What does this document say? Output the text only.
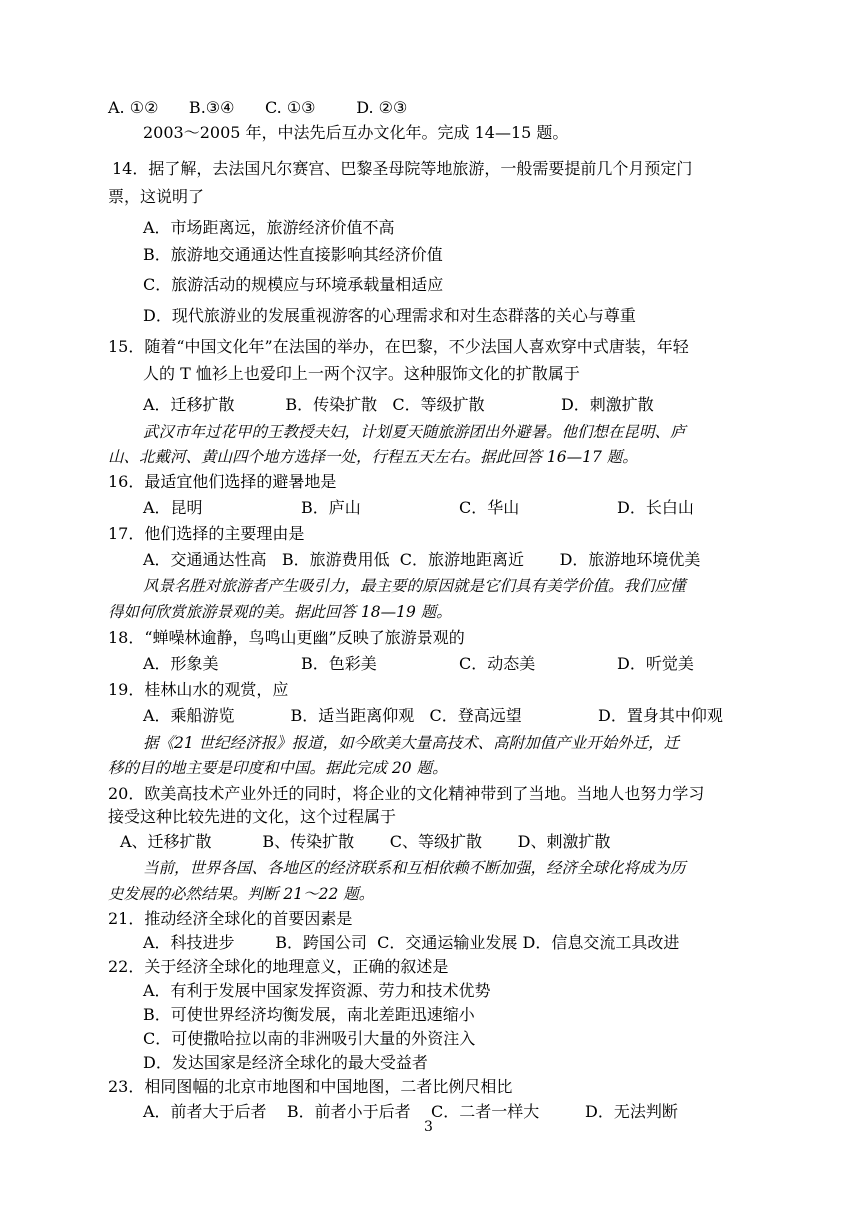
A. ①②      B.③④      C. ①③        D. ②③
2003～2005 年，中法先后互办文化年。完成 14—15 题。
14．据了解，去法国凡尔赛宫、巴黎圣母院等地旅游，一般需要提前几个月预定门
票，这说明了
A．市场距离远，旅游经济价值不高
B．旅游地交通通达性直接影响其经济价值
C．旅游活动的规模应与环境承载量相适应
D．现代旅游业的发展重视游客的心理需求和对生态群落的关心与尊重
15．随着“中国文化年”在法国的举办，在巴黎，不少法国人喜欢穿中式唐装，年轻
人的 T 恤衫上也爱印上一两个汉字。这种服饰文化的扩散属于
A．迁移扩散          B．传染扩散   C．等级扩散               D．刺激扩散
武汉市年过花甲的王教授夫妇，计划夏天随旅游团出外避暑。他们想在昆明、庐
山、北戴河、黄山四个地方选择一处，行程五天左右。据此回答 16—17 题。
16．最适宜他们选择的避暑地是
A．昆明	B．庐山	C．华山	D．长白山
17．他们选择的主要理由是
A．交通通达性高   B．旅游费用低  C．旅游地距离近       D．旅游地环境优美
风景名胜对旅游者产生吸引力，最主要的原因就是它们具有美学价值。我们应懂
得如何欣赏旅游景观的美。据此回答 18—19 题。
18．“蝉噪林逾静，鸟鸣山更幽”反映了旅游景观的
A．形象美	B．色彩美	C．动态美	D．听觉美
19．桂林山水的观赏，应
A．乘船游览           B．适当距离仰观   C．登高远望               D．置身其中仰观
据《21 世纪经济报》报道，如今欧美大量高技术、高附加值产业开始外迁，迁
移的目的地主要是印度和中国。据此完成 20 题。
20．欧美高技术产业外迁的同时，将企业的文化精神带到了当地。当地人也努力学习
接受这种比较先进的文化，这个过程属于
A、迁移扩散          B、传染扩散       C、等级扩散       D、刺激扩散
当前，世界各国、各地区的经济联系和互相依赖不断加强，经济全球化将成为历
史发展的必然结果。判断 21～22 题。
21．推动经济全球化的首要因素是
A．科技进步        B．跨国公司  C．交通运输业发展 D．信息交流工具改进
22．关于经济全球化的地理意义，正确的叙述是
A．有利于发展中国家发挥资源、劳力和技术优势
B．可使世界经济均衡发展，南北差距迅速缩小
C．可使撒哈拉以南的非洲吸引大量的外资注入
D．发达国家是经济全球化的最大受益者
23．相同图幅的北京市地图和中国地图，二者比例尺相比
A．前者大于后者    B．前者小于后者    C．二者一样大         D．无法判断
3
